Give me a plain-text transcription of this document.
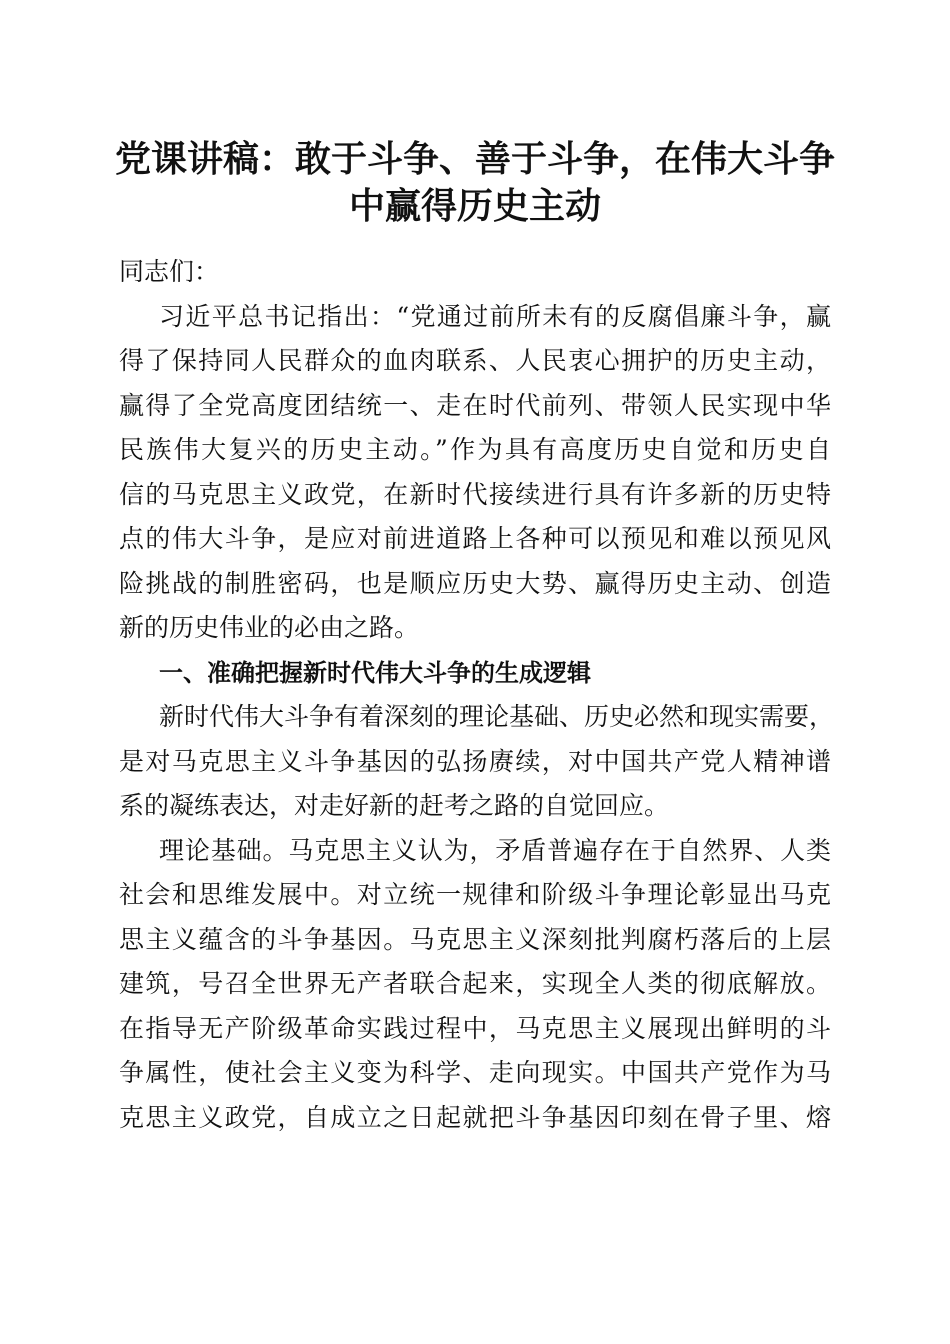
党课讲稿：敢于斗争、善于斗争，在伟大斗争
中赢得历史主动
同志们：
习近平总书记指出：“党通过前所未有的反腐倡廉斗争，赢
得了保持同人民群众的血肉联系、人民衷心拥护的历史主动，
赢得了全党高度团结统一、走在时代前列、带领人民实现中华
民族伟大复兴的历史主动。”作为具有高度历史自觉和历史自
信的马克思主义政党，在新时代接续进行具有许多新的历史特
点的伟大斗争，是应对前进道路上各种可以预见和难以预见风
险挑战的制胜密码，也是顺应历史大势、赢得历史主动、创造
新的历史伟业的必由之路。
一、准确把握新时代伟大斗争的生成逻辑
新时代伟大斗争有着深刻的理论基础、历史必然和现实需要，
是对马克思主义斗争基因的弘扬赓续，对中国共产党人精神谱
系的凝练表达，对走好新的赶考之路的自觉回应。
理论基础。马克思主义认为，矛盾普遍存在于自然界、人类
社会和思维发展中。对立统一规律和阶级斗争理论彰显出马克
思主义蕴含的斗争基因。马克思主义深刻批判腐朽落后的上层
建筑，号召全世界无产者联合起来，实现全人类的彻底解放。
在指导无产阶级革命实践过程中，马克思主义展现出鲜明的斗
争属性，使社会主义变为科学、走向现实。中国共产党作为马
克思主义政党，自成立之日起就把斗争基因印刻在骨子里、熔
